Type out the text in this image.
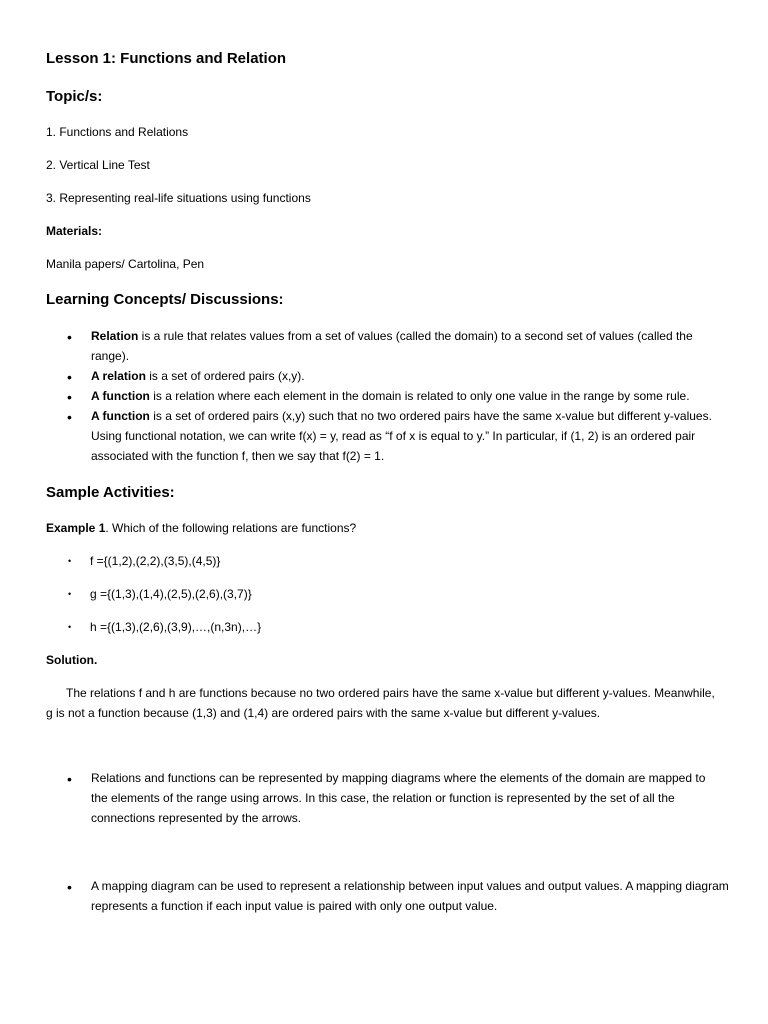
Lesson 1: Functions and Relation
Topic/s:
1. Functions and Relations
2. Vertical Line Test
3. Representing real-life situations using functions
Materials:
Manila papers/ Cartolina, Pen
Learning Concepts/ Discussions:
• Relation is a rule that relates values from a set of values (called the domain) to a second set of values (called the range).
• A relation is a set of ordered pairs (x,y).
• A function is a relation where each element in the domain is related to only one value in the range by some rule.
• A function is a set of ordered pairs (x,y) such that no two ordered pairs have the same x-value but different y-values. Using functional notation, we can write f(x) = y, read as “f of x is equal to y.” In particular, if (1, 2) is an ordered pair associated with the function f, then we say that f(2) = 1.
Sample Activities:
Example 1. Which of the following relations are functions?
• f ={(1,2),(2,2),(3,5),(4,5)}
• g ={(1,3),(1,4),(2,5),(2,6),(3,7)}
• h ={(1,3),(2,6),(3,9),…,(n,3n),…}
Solution.
The relations f and h are functions because no two ordered pairs have the same x-value but different y-values. Meanwhile, g is not a function because (1,3) and (1,4) are ordered pairs with the same x-value but different y-values.
• Relations and functions can be represented by mapping diagrams where the elements of the domain are mapped to the elements of the range using arrows. In this case, the relation or function is represented by the set of all the connections represented by the arrows.
• A mapping diagram can be used to represent a relationship between input values and output values. A mapping diagram represents a function if each input value is paired with only one output value.
